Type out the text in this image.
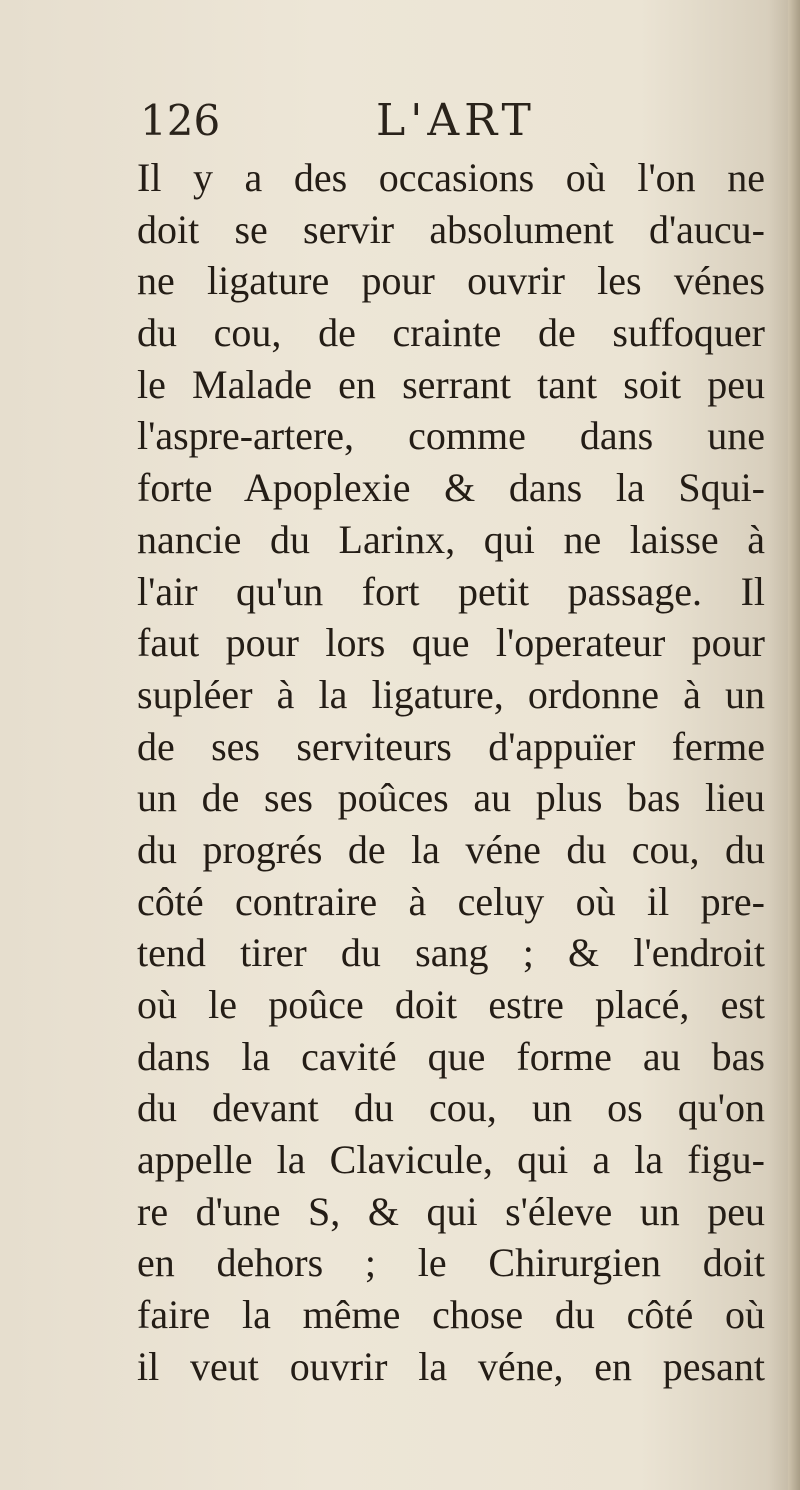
126	L'ART
Il y a des occasions où l'on ne
doit se servir absolument d'aucu-
ne ligature pour ouvrir les vénes
du cou, de crainte de suffoquer
le Malade en serrant tant soit peu
l'aspre-artere, comme dans une
forte Apoplexie & dans la Squi-
nancie du Larinx, qui ne laisse à
l'air qu'un fort petit passage. Il
faut pour lors que l'operateur pour
supléer à la ligature, ordonne à un
de ses serviteurs d'appuïer ferme
un de ses poûces au plus bas lieu
du progrés de la véne du cou, du
côté contraire à celuy où il pre-
tend tirer du sang ; & l'endroit
où le poûce doit estre placé, est
dans la cavité que forme au bas
du devant du cou, un os qu'on
appelle la Clavicule, qui a la figu-
re d'une S, & qui s'éleve un peu
en dehors ; le Chirurgien doit
faire la même chose du côté où
il veut ouvrir la véne, en pesant
